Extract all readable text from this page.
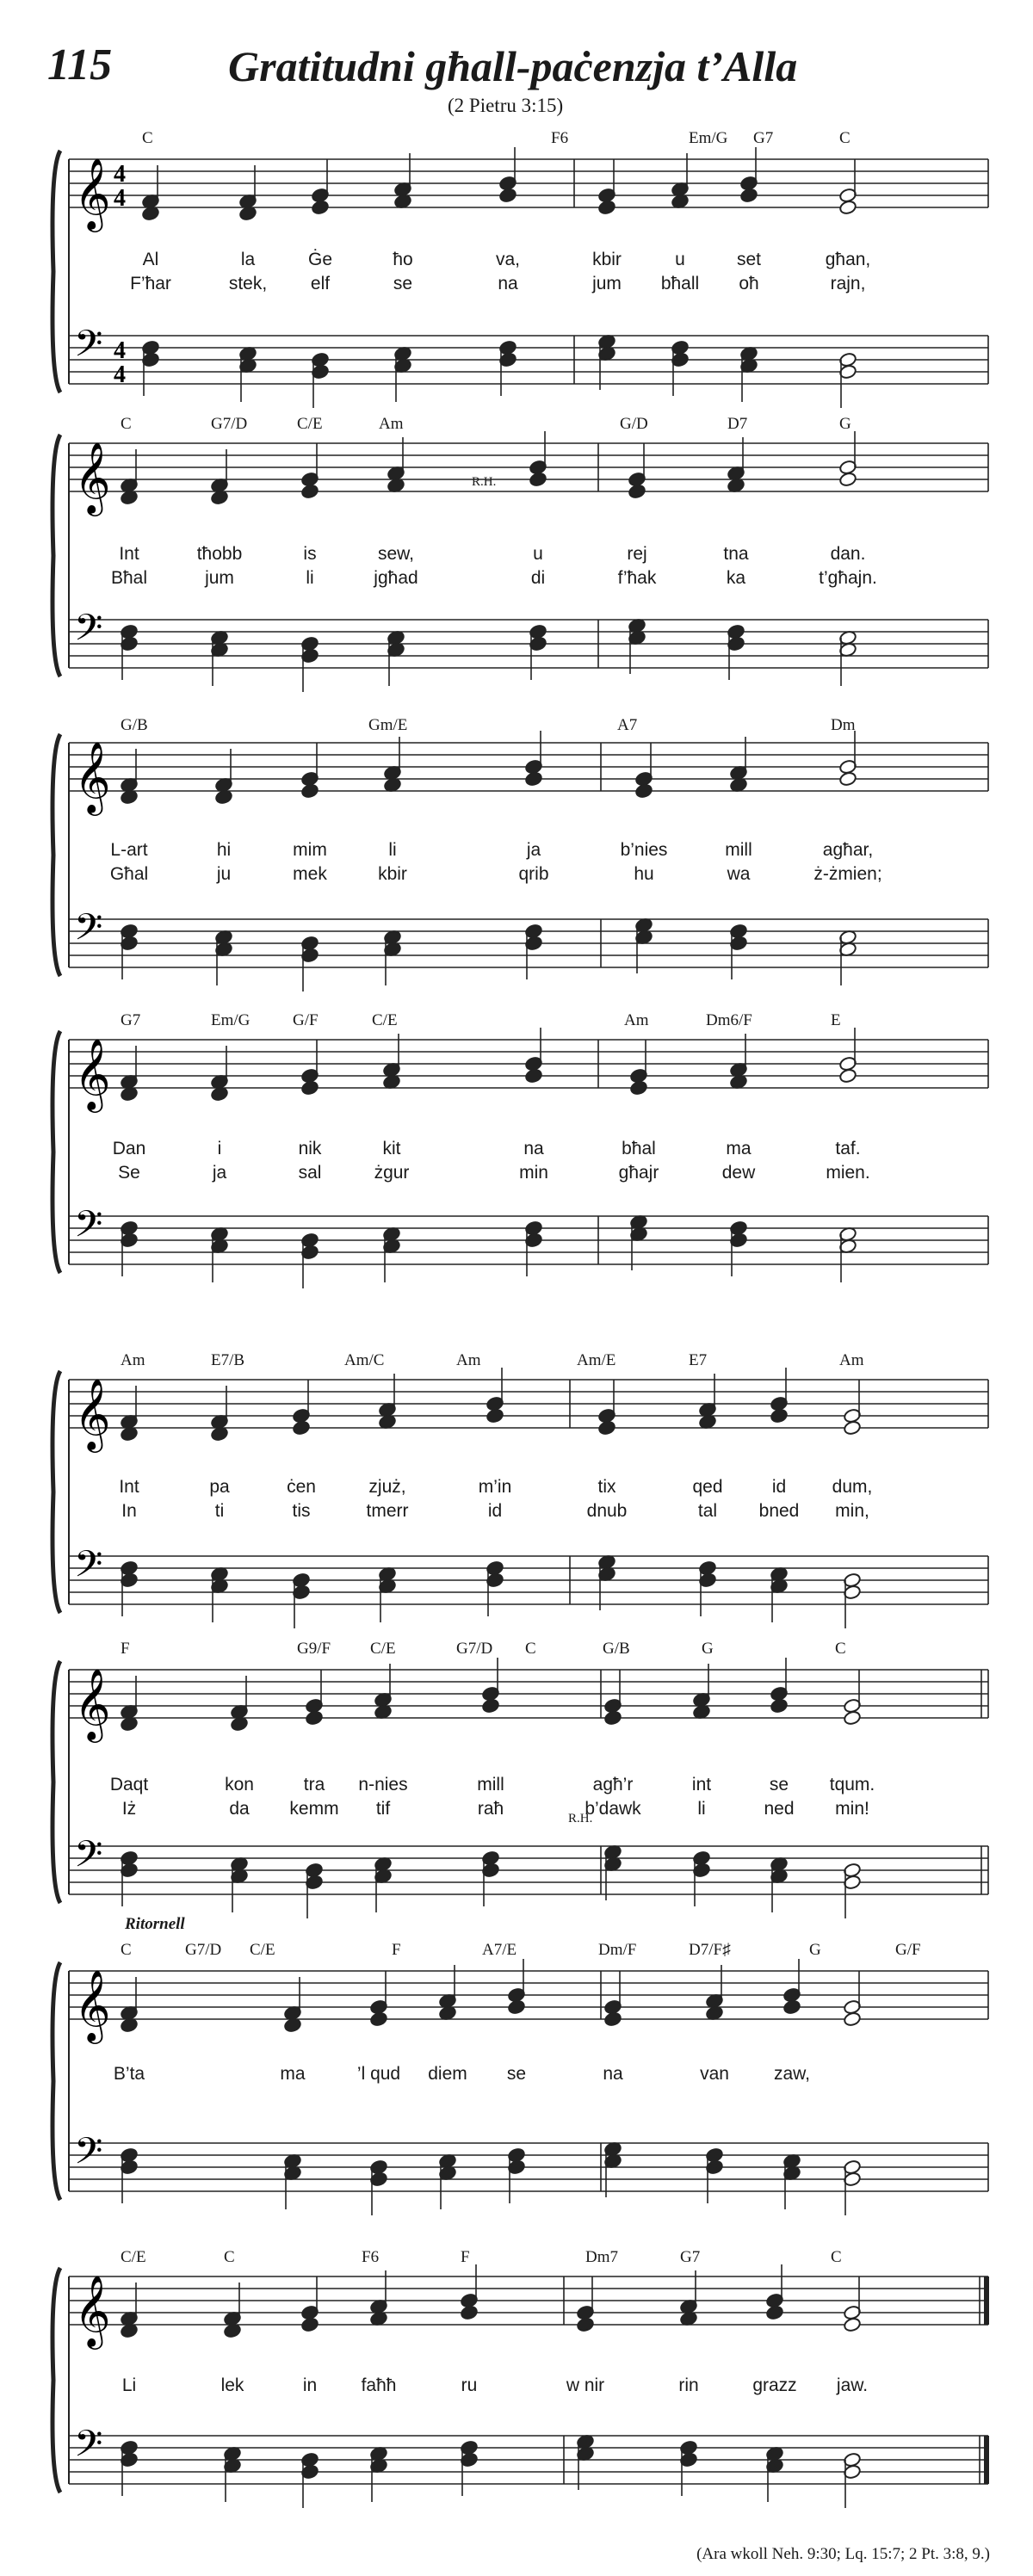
115	Gratitudni għall-paċenzja t’Alla
(2 Pietru 3:15)
𝄞
𝄢
4
4
4
4
𝄞
𝄢
𝄞
𝄢
𝄞
𝄢
𝄞
𝄢
𝄞
𝄢
𝄞
𝄢
𝄞
𝄢
Ritornell
(Ara wkoll Neh. 9:30; Lq. 15:7; 2 Pt. 3:8, 9.)
C	F6	Em/G G7	C
Al	la	Ġe	ħo	va,	kbir	u	set	għan,
F’ħar	stek, elf	se	na	jum bħall oħ	rajn,
C	G7/D	C/E	Am	G/D	D7	G
Int	tħobb	is	sew,	u	rej	tna	dan.
Bħal	jum	li	jgħad	di	f’ħak	ka	t’għajn.
R.H.
G/B	Gm/E	A7	Dm
L-art	hi	mim	li	ja	b’nies	mill	agħar,
Għal	ju	mek	kbir	qrib	hu	wa	ż-żmien;
G7	Em/G	G/F	C/E	Am	Dm6/F	E
Dan	i	nik	kit	na	bħal	ma	taf.
Se	ja	sal	żgur	min	għajr	dew	mien.
Am	E7/B	Am/C	Am	Am/E	E7	Am
Int	pa	ċen	zjuż,	m’in	tix	qed	id	dum,
In	ti	tis	tmerr	id	dnub	tal bned min,
F	G9/F C/E	G7/D C	G/B	G	C
Daqt	kon	tra n-nies	mill	agħ’r	int	se tqum.
Iż	da kemm tif	raħ	b’dawk	li	ned min!
R.H.
C	G7/D C/E	F	A7/E	Dm/F	D7/F♯	G	G/F
B’ta	ma	’l qud diem se	na	van zaw,
C/E	C	F6	F	Dm7	G7	C
Li	lek	in faħħ	ru	w nir	rin	grazz jaw.
